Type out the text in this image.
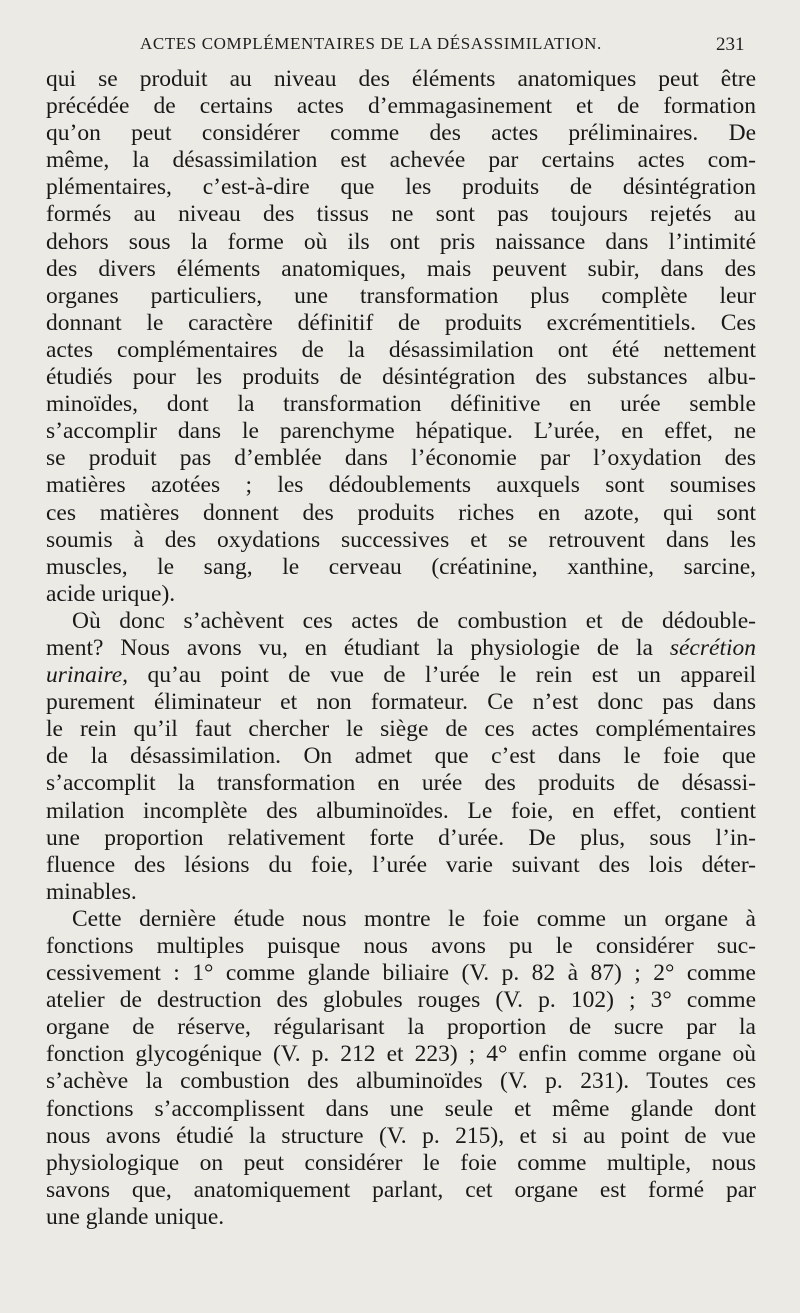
ACTES COMPLÉMENTAIRES DE LA DÉSASSIMILATION.	231
qui se produit au niveau des éléments anatomiques peut être
précédée de certains actes d’emmagasinement et de formation
qu’on peut considérer comme des actes préliminaires. De
même, la désassimilation est achevée par certains actes com-
plémentaires, c’est-à-dire que les produits de désintégration
formés au niveau des tissus ne sont pas toujours rejetés au
dehors sous la forme où ils ont pris naissance dans l’intimité
des divers éléments anatomiques, mais peuvent subir, dans des
organes particuliers, une transformation plus complète leur
donnant le caractère définitif de produits excrémentitiels. Ces
actes complémentaires de la désassimilation ont été nettement
étudiés pour les produits de désintégration des substances albu-
minoïdes, dont la transformation définitive en urée semble
s’accomplir dans le parenchyme hépatique. L’urée, en effet, ne
se produit pas d’emblée dans l’économie par l’oxydation des
matières azotées ; les dédoublements auxquels sont soumises
ces matières donnent des produits riches en azote, qui sont
soumis à des oxydations successives et se retrouvent dans les
muscles, le sang, le cerveau (créatinine, xanthine, sarcine,
acide urique).
Où donc s’achèvent ces actes de combustion et de dédouble-
ment? Nous avons vu, en étudiant la physiologie de la sécrétion
urinaire, qu’au point de vue de l’urée le rein est un appareil
purement éliminateur et non formateur. Ce n’est donc pas dans
le rein qu’il faut chercher le siège de ces actes complémentaires
de la désassimilation. On admet que c’est dans le foie que
s’accomplit la transformation en urée des produits de désassi-
milation incomplète des albuminoïdes. Le foie, en effet, contient
une proportion relativement forte d’urée. De plus, sous l’in-
fluence des lésions du foie, l’urée varie suivant des lois déter-
minables.
Cette dernière étude nous montre le foie comme un organe à
fonctions multiples puisque nous avons pu le considérer suc-
cessivement : 1° comme glande biliaire (V. p. 82 à 87) ; 2° comme
atelier de destruction des globules rouges (V. p. 102) ; 3° comme
organe de réserve, régularisant la proportion de sucre par la
fonction glycogénique (V. p. 212 et 223) ; 4° enfin comme organe où
s’achève la combustion des albuminoïdes (V. p. 231). Toutes ces
fonctions s’accomplissent dans une seule et même glande dont
nous avons étudié la structure (V. p. 215), et si au point de vue
physiologique on peut considérer le foie comme multiple, nous
savons que, anatomiquement parlant, cet organe est formé par
une glande unique.
